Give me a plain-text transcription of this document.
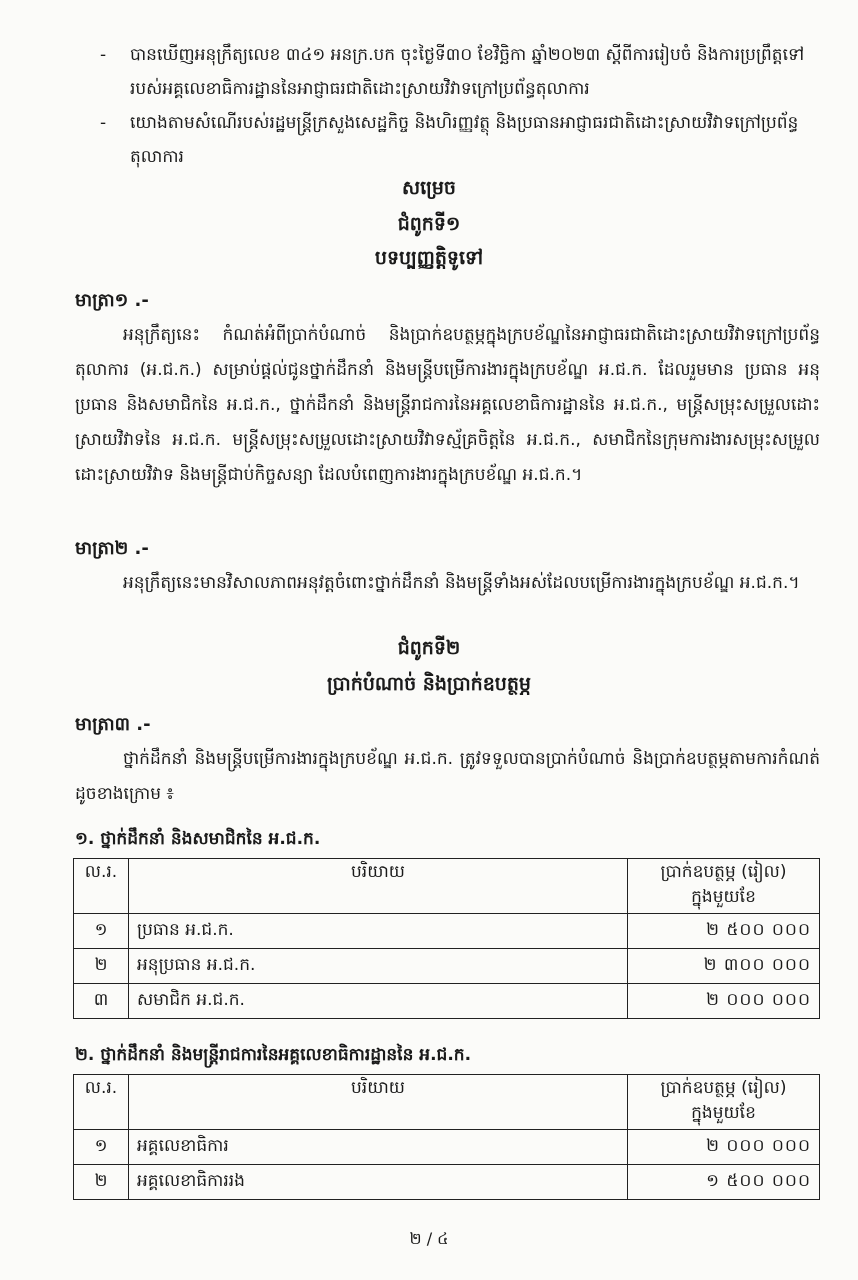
- បានឃើញអនុក្រឹត្យលេខ ៣៤១ អនក្រ.បក ចុះថ្ងៃទី៣០ ខែវិច្ឆិកា ឆ្នាំ២០២៣ ស្តីពីការរៀបចំ និងការប្រព្រឹត្តទៅរបស់អគ្គលេខាធិការដ្ឋាននៃអាជ្ញាធរជាតិដោះស្រាយវិវាទក្រៅប្រព័ន្ធតុលាការ
- យោងតាមសំណើរបស់រដ្ឋមន្ត្រីក្រសួងសេដ្ឋកិច្ច និងហិរញ្ញវត្ថុ និងប្រធានអាជ្ញាធរជាតិដោះស្រាយវិវាទក្រៅប្រព័ន្ធតុលាការ
សម្រេច
ជំពូកទី១
បទប្បញ្ញត្តិទូទៅ
មាត្រា១ .-
អនុក្រឹត្យនេះ កំណត់អំពីប្រាក់បំណាច់ និងប្រាក់ឧបត្ថម្ភក្នុងក្របខ័ណ្ឌនៃអាជ្ញាធរជាតិដោះស្រាយវិវាទក្រៅប្រព័ន្ធតុលាការ (អ.ជ.ក.) សម្រាប់ផ្តល់ជូនថ្នាក់ដឹកនាំ និងមន្ត្រីបម្រើការងារក្នុងក្របខ័ណ្ឌ អ.ជ.ក. ដែលរួមមាន ប្រធាន អនុប្រធាន និងសមាជិកនៃ អ.ជ.ក., ថ្នាក់ដឹកនាំ និងមន្ត្រីរាជការនៃអគ្គលេខាធិការដ្ឋាននៃ អ.ជ.ក., មន្ត្រីសម្រុះសម្រួលដោះស្រាយវិវាទនៃ អ.ជ.ក. មន្ត្រីសម្រុះសម្រួលដោះស្រាយវិវាទស្ម័គ្រចិត្តនៃ អ.ជ.ក., សមាជិកនៃក្រុមការងារសម្រុះសម្រួលដោះស្រាយវិវាទ និងមន្ត្រីជាប់កិច្ចសន្យា ដែលបំពេញការងារក្នុងក្របខ័ណ្ឌ អ.ជ.ក.។
មាត្រា២ .-
អនុក្រឹត្យនេះមានវិសាលភាពអនុវត្តចំពោះថ្នាក់ដឹកនាំ និងមន្ត្រីទាំងអស់ដែលបម្រើការងារក្នុងក្របខ័ណ្ឌ អ.ជ.ក.។
ជំពូកទី២
ប្រាក់បំណាច់ និងប្រាក់ឧបត្ថម្ភ
មាត្រា៣ .-
ថ្នាក់ដឹកនាំ និងមន្ត្រីបម្រើការងារក្នុងក្របខ័ណ្ឌ អ.ជ.ក. ត្រូវទទួលបានប្រាក់បំណាច់ និងប្រាក់ឧបត្ថម្ភតាមការកំណត់ដូចខាងក្រោម ៖
១. ថ្នាក់ដឹកនាំ និងសមាជិកនៃ អ.ជ.ក.
ល.រ.	បរិយាយ	ប្រាក់ឧបត្ថម្ភ (រៀល)
ក្នុងមួយខែ

១	ប្រធាន អ.ជ.ក.	២ ៥០០ ០០០
២	អនុប្រធាន អ.ជ.ក.	២ ៣០០ ០០០
៣	សមាជិក អ.ជ.ក.	២ ០០០ ០០០
២. ថ្នាក់ដឹកនាំ និងមន្ត្រីរាជការនៃអគ្គលេខាធិការដ្ឋាននៃ អ.ជ.ក.
ល.រ.	បរិយាយ	ប្រាក់ឧបត្ថម្ភ (រៀល)
ក្នុងមួយខែ

១	អគ្គលេខាធិការ	២ ០០០ ០០០
២	អគ្គលេខាធិការរង	១ ៥០០ ០០០
២ / ៤
